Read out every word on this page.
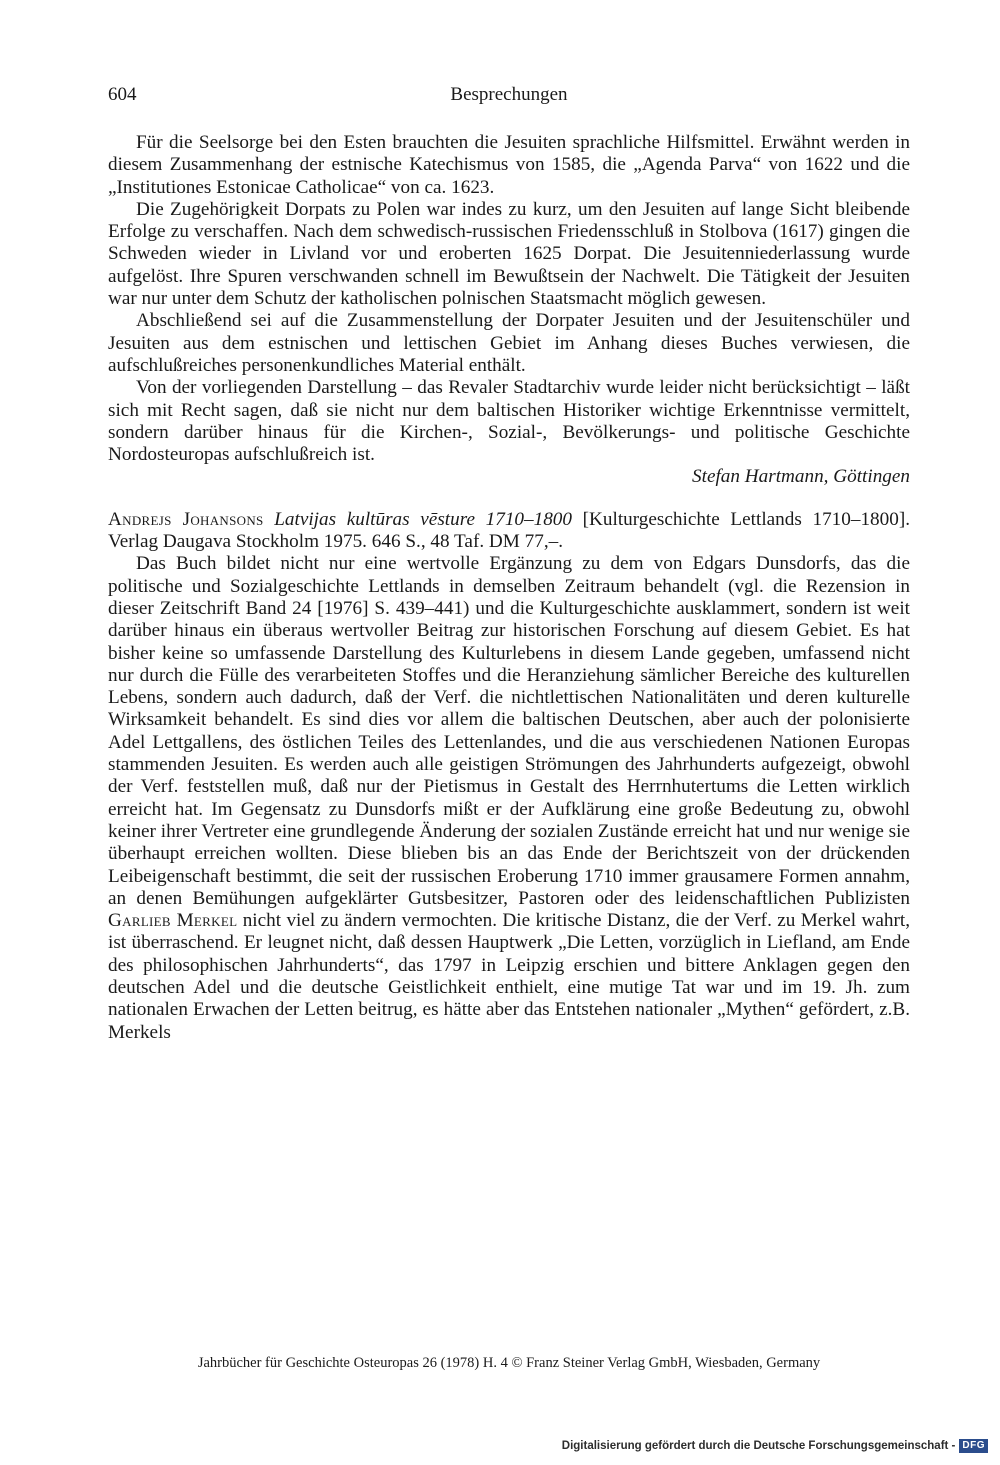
604	Besprechungen

Für die Seelsorge bei den Esten brauchten die Jesuiten sprachliche Hilfsmittel. Erwähnt werden in diesem Zusammenhang der estnische Katechismus von 1585, die „Agenda Parva“ von 1622 und die „Institutiones Estonicae Catholicae“ von ca. 1623.

Die Zugehörigkeit Dorpats zu Polen war indes zu kurz, um den Jesuiten auf lange Sicht bleibende Erfolge zu verschaffen. Nach dem schwedisch-russischen Friedensschluß in Stolbova (1617) gingen die Schweden wieder in Livland vor und eroberten 1625 Dorpat. Die Jesuitenniederlassung wurde aufgelöst. Ihre Spuren verschwanden schnell im Bewußtsein der Nachwelt. Die Tätigkeit der Jesuiten war nur unter dem Schutz der katholischen polnischen Staatsmacht möglich gewesen.

Abschließend sei auf die Zusammenstellung der Dorpater Jesuiten und der Jesuitenschüler und Jesuiten aus dem estnischen und lettischen Gebiet im Anhang dieses Buches verwiesen, die aufschlußreiches personenkundliches Material enthält.

Von der vorliegenden Darstellung – das Revaler Stadtarchiv wurde leider nicht berücksichtigt – läßt sich mit Recht sagen, daß sie nicht nur dem baltischen Historiker wichtige Erkenntnisse vermittelt, sondern darüber hinaus für die Kirchen-, Sozial-, Bevölkerungs- und politische Geschichte Nordosteuropas aufschlußreich ist.

Stefan Hartmann, Göttingen

Andrejs Johansons Latvijas kultūras vēsture 1710–1800 [Kulturgeschichte Lettlands 1710–1800]. Verlag Daugava Stockholm 1975. 646 S., 48 Taf. DM 77,–.

Das Buch bildet nicht nur eine wertvolle Ergänzung zu dem von Edgars Dunsdorfs, das die politische und Sozialgeschichte Lettlands in demselben Zeitraum behandelt (vgl. die Rezension in dieser Zeitschrift Band 24 [1976] S. 439–441) und die Kulturgeschichte ausklammert, sondern ist weit darüber hinaus ein überaus wertvoller Beitrag zur historischen Forschung auf diesem Gebiet. Es hat bisher keine so umfassende Darstellung des Kulturlebens in diesem Lande gegeben, umfassend nicht nur durch die Fülle des verarbeiteten Stoffes und die Heranziehung sämlicher Bereiche des kulturellen Lebens, sondern auch dadurch, daß der Verf. die nichtlettischen Nationalitäten und deren kulturelle Wirksamkeit behandelt. Es sind dies vor allem die baltischen Deutschen, aber auch der polonisierte Adel Lettgallens, des östlichen Teiles des Lettenlandes, und die aus verschiedenen Nationen Europas stammenden Jesuiten. Es werden auch alle geistigen Strömungen des Jahrhunderts aufgezeigt, obwohl der Verf. feststellen muß, daß nur der Pietismus in Gestalt des Herrnhutertums die Letten wirklich erreicht hat. Im Gegensatz zu Dunsdorfs mißt er der Aufklärung eine große Bedeutung zu, obwohl keiner ihrer Vertreter eine grundlegende Änderung der sozialen Zustände erreicht hat und nur wenige sie überhaupt erreichen wollten. Diese blieben bis an das Ende der Berichtszeit von der drückenden Leibeigenschaft bestimmt, die seit der russischen Eroberung 1710 immer grausamere Formen annahm, an denen Bemühungen aufgeklärter Gutsbesitzer, Pastoren oder des leidenschaftlichen Publizisten Garlieb Merkel nicht viel zu ändern vermochten. Die kritische Distanz, die der Verf. zu Merkel wahrt, ist überraschend. Er leugnet nicht, daß dessen Hauptwerk „Die Letten, vorzüglich in Liefland, am Ende des philosophischen Jahrhunderts“, das 1797 in Leipzig erschien und bittere Anklagen gegen den deutschen Adel und die deutsche Geistlichkeit enthielt, eine mutige Tat war und im 19. Jh. zum nationalen Erwachen der Letten beitrug, es hätte aber das Entstehen nationaler „Mythen“ gefördert, z.B. Merkels

Jahrbücher für Geschichte Osteuropas 26 (1978) H. 4 © Franz Steiner Verlag GmbH, Wiesbaden, Germany
Digitalisierung gefördert durch die Deutsche Forschungsgemeinschaft - DFG
